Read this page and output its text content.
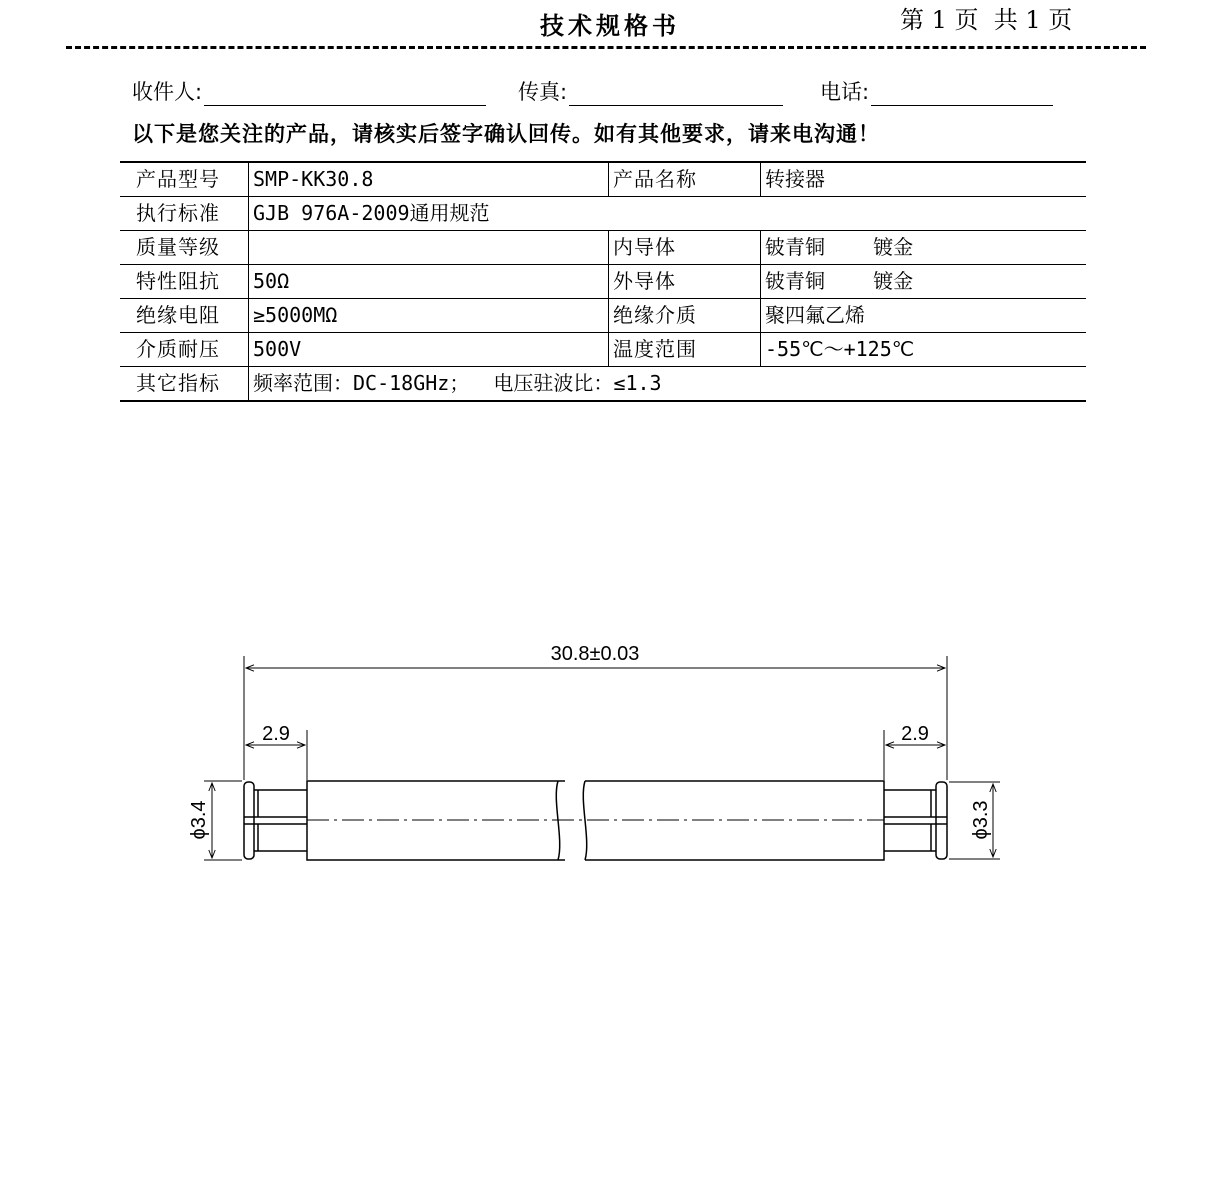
技术规格书	第 1 页  共 1 页
收件人:	传真:	电话:
以下是您关注的产品，请核实后签字确认回传。如有其他要求，请来电沟通！
产品型号	SMP-KK30.8	产品名称	转接器
执行标准	GJB 976A-2009通用规范		
质量等级		内导体	铍青铜    镀金
特性阻抗	50Ω	外导体	铍青铜    镀金
绝缘电阻	≥5000MΩ	绝缘介质	聚四氟乙烯
介质耐压	500V	温度范围	-55℃～+125℃
其它指标	频率范围：DC-18GHz；  电压驻波比：≤1.3		
30.8±0.03
2.9	2.9
ϕ3.4	ϕ3.3
